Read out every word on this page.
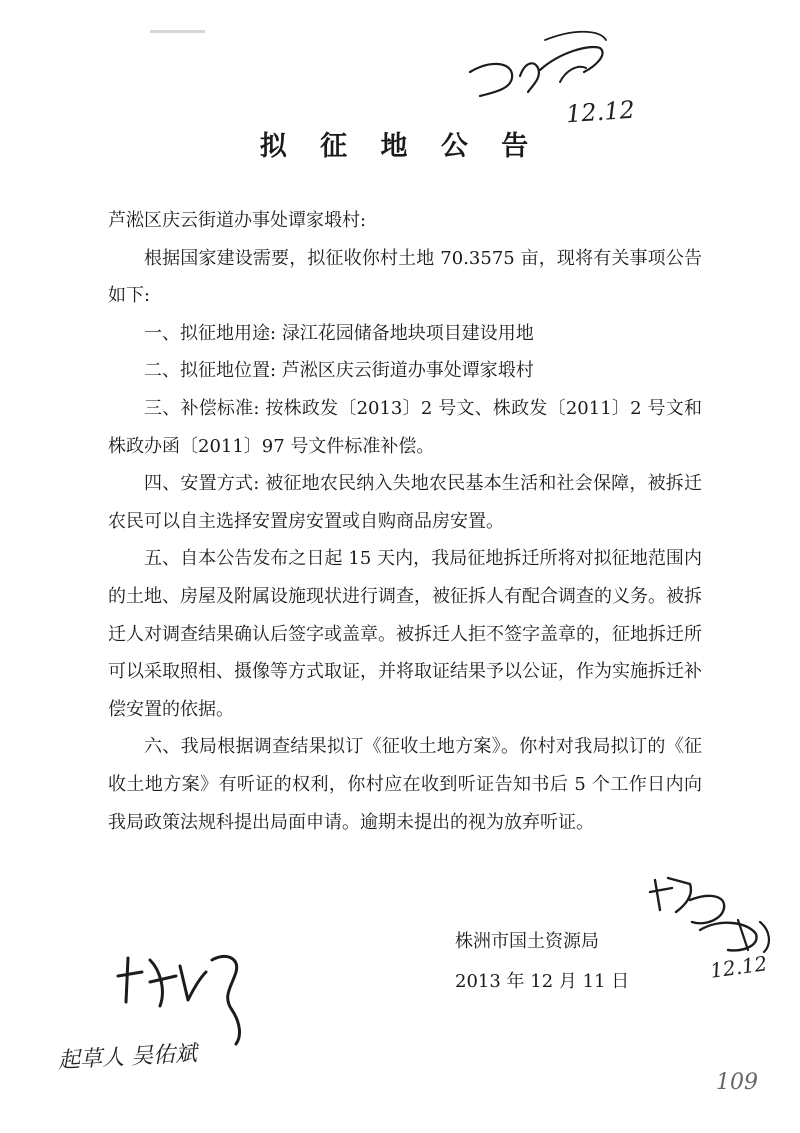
12.12
12.12
起草人 吴佑斌
109
拟 征 地 公 告

芦淞区庆云街道办事处谭家塅村:

根据国家建设需要，拟征收你村土地 70.3575 亩，现将有关事项公告如下:

一、拟征地用途: 渌江花园储备地块项目建设用地

二、拟征地位置: 芦淞区庆云街道办事处谭家塅村

三、补偿标准: 按株政发〔2013〕2 号文、株政发〔2011〕2 号文和株政办函〔2011〕97 号文件标准补偿。

四、安置方式: 被征地农民纳入失地农民基本生活和社会保障，被拆迁农民可以自主选择安置房安置或自购商品房安置。

五、自本公告发布之日起 15 天内，我局征地拆迁所将对拟征地范围内的土地、房屋及附属设施现状进行调查，被征拆人有配合调查的义务。被拆迁人对调查结果确认后签字或盖章。被拆迁人拒不签字盖章的，征地拆迁所可以采取照相、摄像等方式取证，并将取证结果予以公证，作为实施拆迁补偿安置的依据。

六、我局根据调查结果拟订《征收土地方案》。你村对我局拟订的《征收土地方案》有听证的权利，你村应在收到听证告知书后 5 个工作日内向我局政策法规科提出局面申请。逾期未提出的视为放弃听证。

株洲市国土资源局
2013 年 12 月 11 日
